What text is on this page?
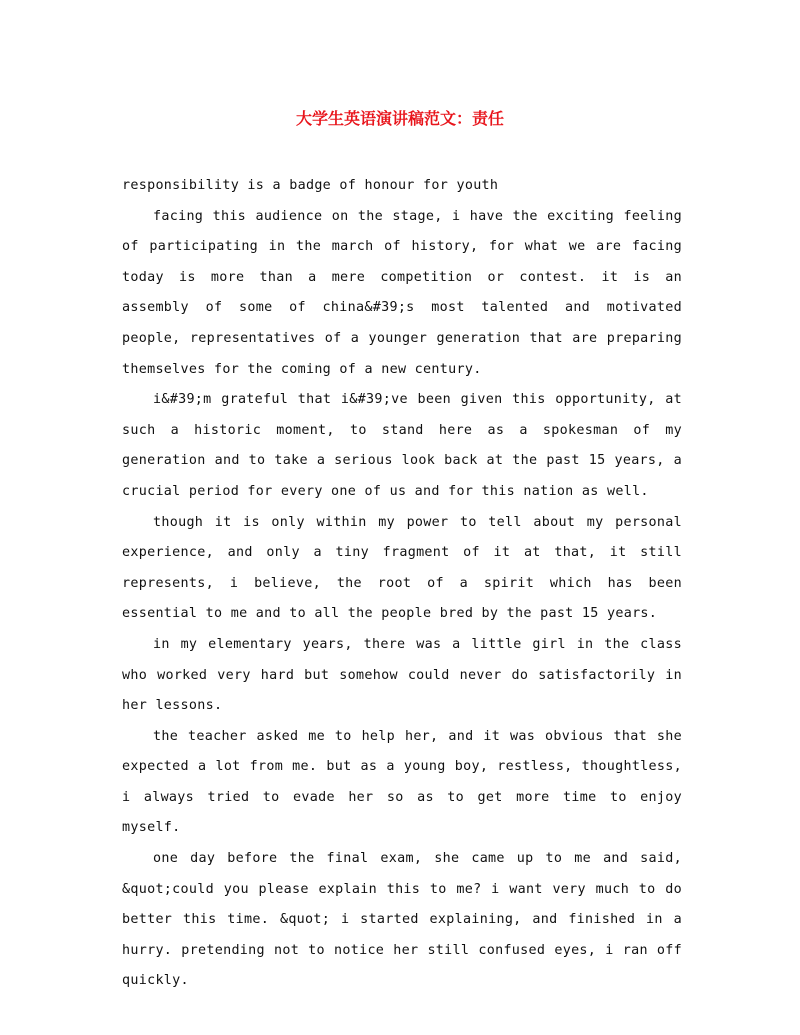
大学生英语演讲稿范文：责任

responsibility is a badge of honour for youth

facing this audience on the stage, i have the exciting feeling of participating in the march of history, for what we are facing today is more than a mere competition or contest. it is an assembly of some of china&#39;s most talented and motivated people, representatives of a younger generation that are preparing themselves for the coming of a new century.

i&#39;m grateful that i&#39;ve been given this opportunity, at such a historic moment, to stand here as a spokesman of my generation and to take a serious look back at the past 15 years, a crucial period for every one of us and for this nation as well.

though it is only within my power to tell about my personal experience, and only a tiny fragment of it at that, it still represents, i believe, the root of a spirit which has been essential to me and to all the people bred by the past 15 years.

in my elementary years, there was a little girl in the class who worked very hard but somehow could never do satisfactorily in her lessons.

the teacher asked me to help her, and it was obvious that she expected a lot from me. but as a young boy, restless, thoughtless, i always tried to evade her so as to get more time to enjoy myself.

one day before the final exam, she came up to me and said, &quot;could you please explain this to me? i want very much to do better this time. &quot; i started explaining, and finished in a hurry. pretending not to notice her still confused eyes, i ran off quickly.
